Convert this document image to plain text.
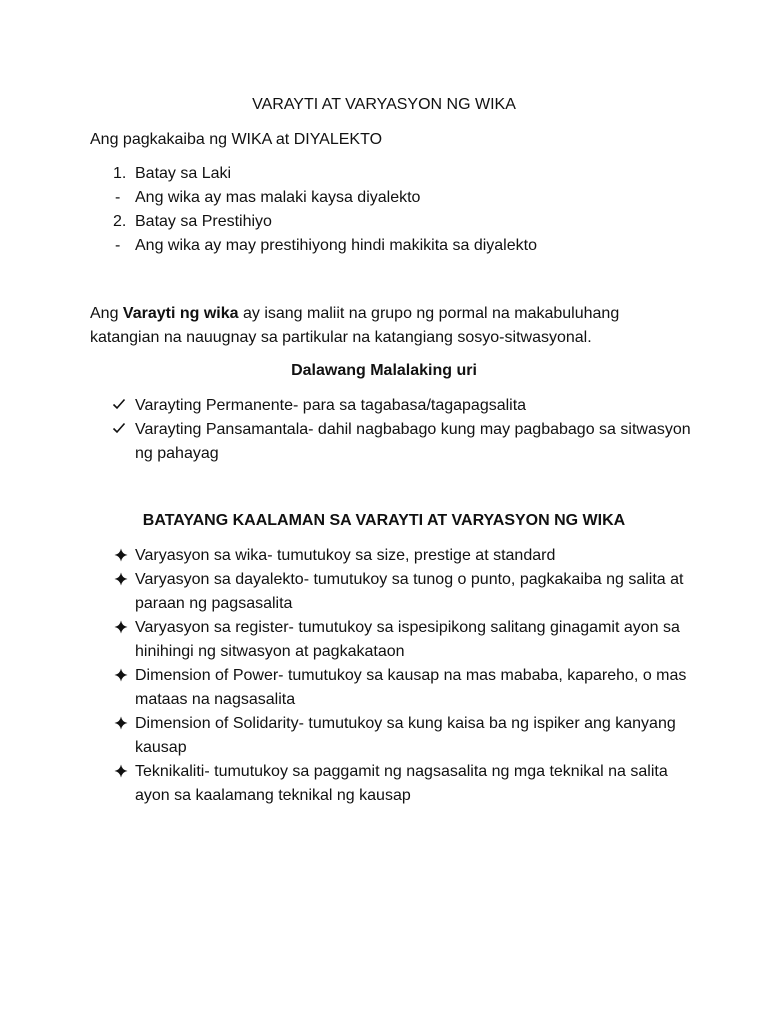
VARAYTI AT VARYASYON NG WIKA
Ang pagkakaiba ng WIKA at DIYALEKTO
1. Batay sa Laki
- Ang wika ay mas malaki kaysa diyalekto
2. Batay sa Prestihiyo
- Ang wika ay may prestihiyong hindi makikita sa diyalekto
Ang Varayti ng wika ay isang maliit na grupo ng pormal na makabuluhang katangian na nauugnay sa partikular na katangiang sosyo-sitwasyonal.
Dalawang Malalaking uri
Varayting Permanente- para sa tagabasa/tagapagsalita
Varayting Pansamantala- dahil nagbabago kung may pagbabago sa sitwasyon ng pahayag
BATAYANG KAALAMAN SA VARAYTI AT VARYASYON NG WIKA
Varyasyon sa wika- tumutukoy sa size, prestige at standard
Varyasyon sa dayalekto- tumutukoy sa tunog o punto, pagkakaiba ng salita at paraan ng pagsasalita
Varyasyon sa register- tumutukoy sa ispesipikong salitang ginagamit ayon sa hinihingi ng sitwasyon at pagkakataon
Dimension of Power- tumutukoy sa kausap na mas mababa, kapareho, o mas mataas na nagsasalita
Dimension of Solidarity- tumutukoy sa kung kaisa ba ng ispiker ang kanyang kausap
Teknikaliti- tumutukoy sa paggamit ng nagsasalita ng mga teknikal na salita ayon sa kaalamang teknikal ng kausap
